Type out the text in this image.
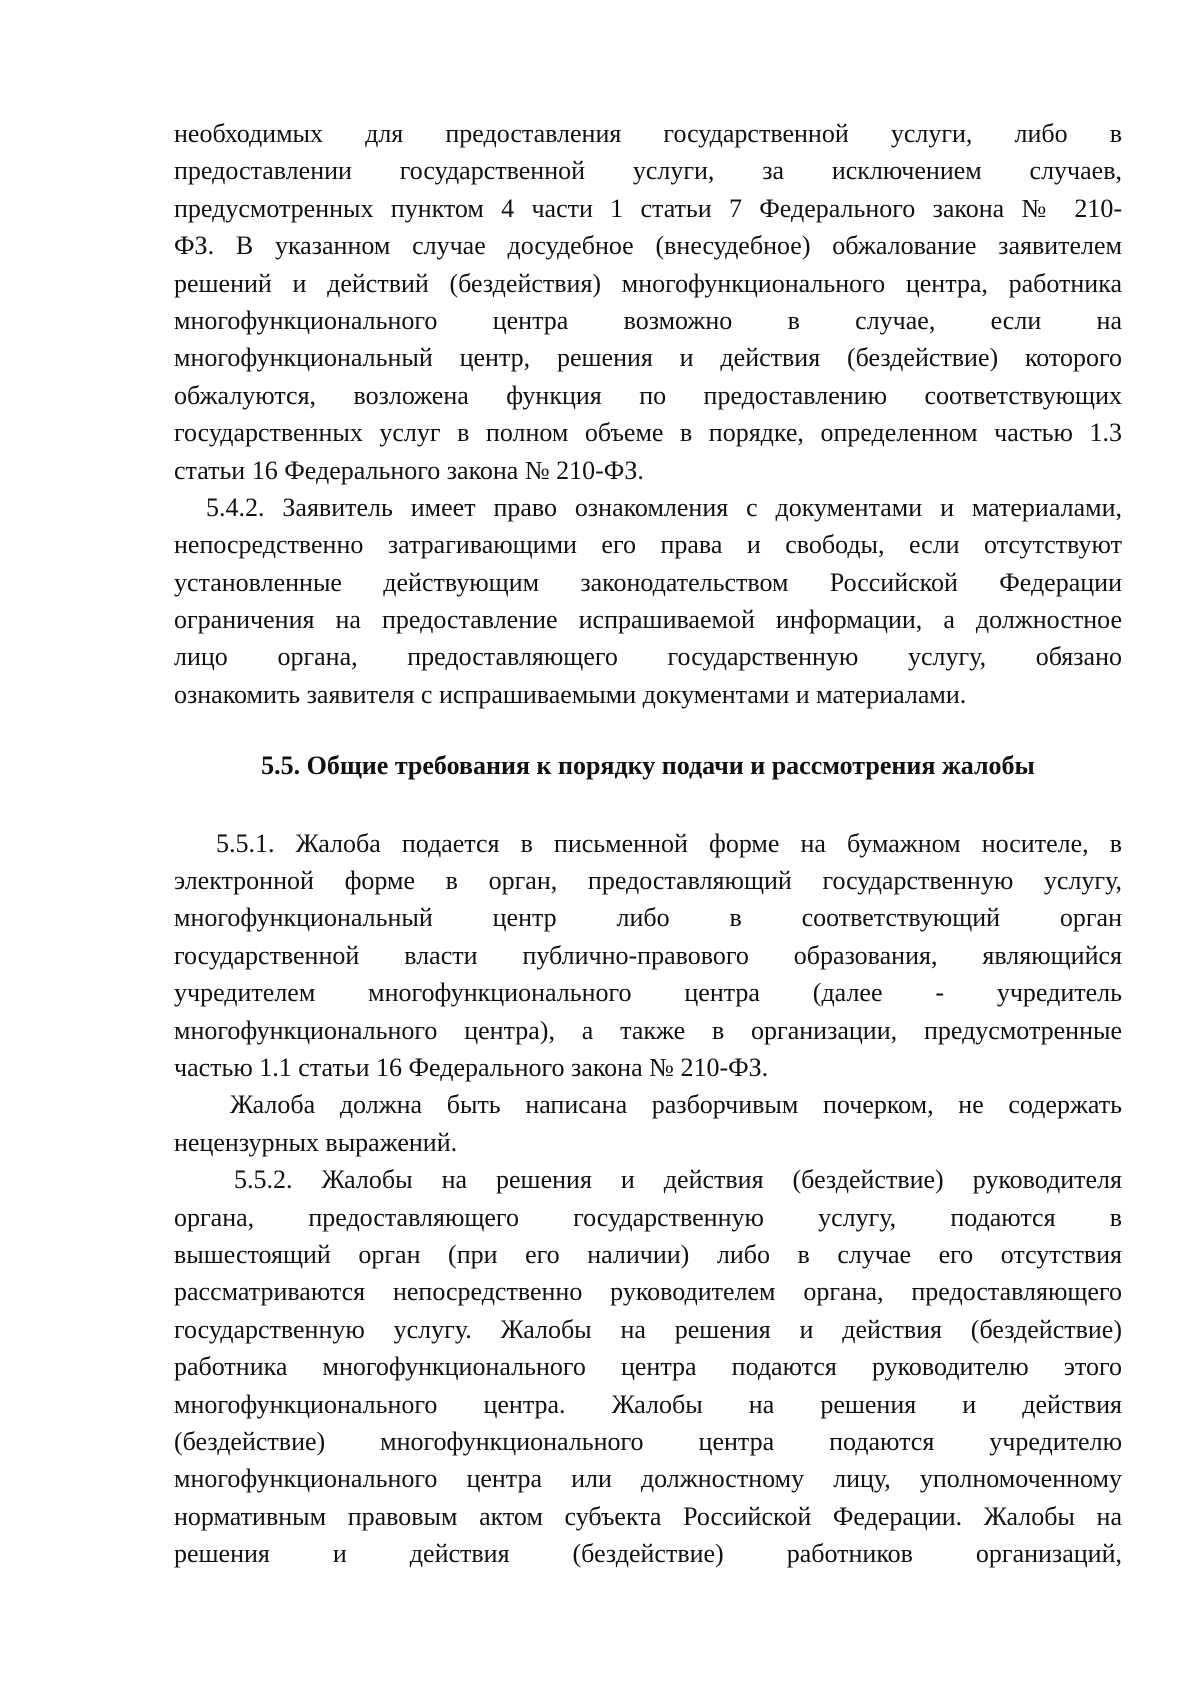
необходимых для предоставления государственной услуги, либо в
предоставлении государственной услуги, за исключением случаев,
предусмотренных пунктом 4 части 1 статьи 7 Федерального закона № 210-
ФЗ. В указанном случае досудебное (внесудебное) обжалование заявителем
решений и действий (бездействия) многофункционального центра, работника
многофункционального центра возможно в случае, если на
многофункциональный центр, решения и действия (бездействие) которого
обжалуются, возложена функция по предоставлению соответствующих
государственных услуг в полном объеме в порядке, определенном частью 1.3
статьи 16 Федерального закона № 210-ФЗ.
5.4.2. Заявитель имеет право ознакомления с документами и материалами,
непосредственно затрагивающими его права и свободы, если отсутствуют
установленные действующим законодательством Российской Федерации
ограничения на предоставление испрашиваемой информации, а должностное
лицо органа, предоставляющего государственную услугу, обязано
ознакомить заявителя с испрашиваемыми документами и материалами.
5.5. Общие требования к порядку подачи и рассмотрения жалобы
5.5.1. Жалоба подается в письменной форме на бумажном носителе, в
электронной форме в орган, предоставляющий государственную услугу,
многофункциональный центр либо в соответствующий орган
государственной власти публично-правового образования, являющийся
учредителем многофункционального центра (далее - учредитель
многофункционального центра), а также в организации, предусмотренные
частью 1.1 статьи 16 Федерального закона № 210-ФЗ.
Жалоба должна быть написана разборчивым почерком, не содержать
нецензурных выражений.
5.5.2. Жалобы на решения и действия (бездействие) руководителя
органа, предоставляющего государственную услугу, подаются в
вышестоящий орган (при его наличии) либо в случае его отсутствия
рассматриваются непосредственно руководителем органа, предоставляющего
государственную услугу. Жалобы на решения и действия (бездействие)
работника многофункционального центра подаются руководителю этого
многофункционального центра. Жалобы на решения и действия
(бездействие) многофункционального центра подаются учредителю
многофункционального центра или должностному лицу, уполномоченному
нормативным правовым актом субъекта Российской Федерации. Жалобы на
решения и действия (бездействие) работников организаций,
